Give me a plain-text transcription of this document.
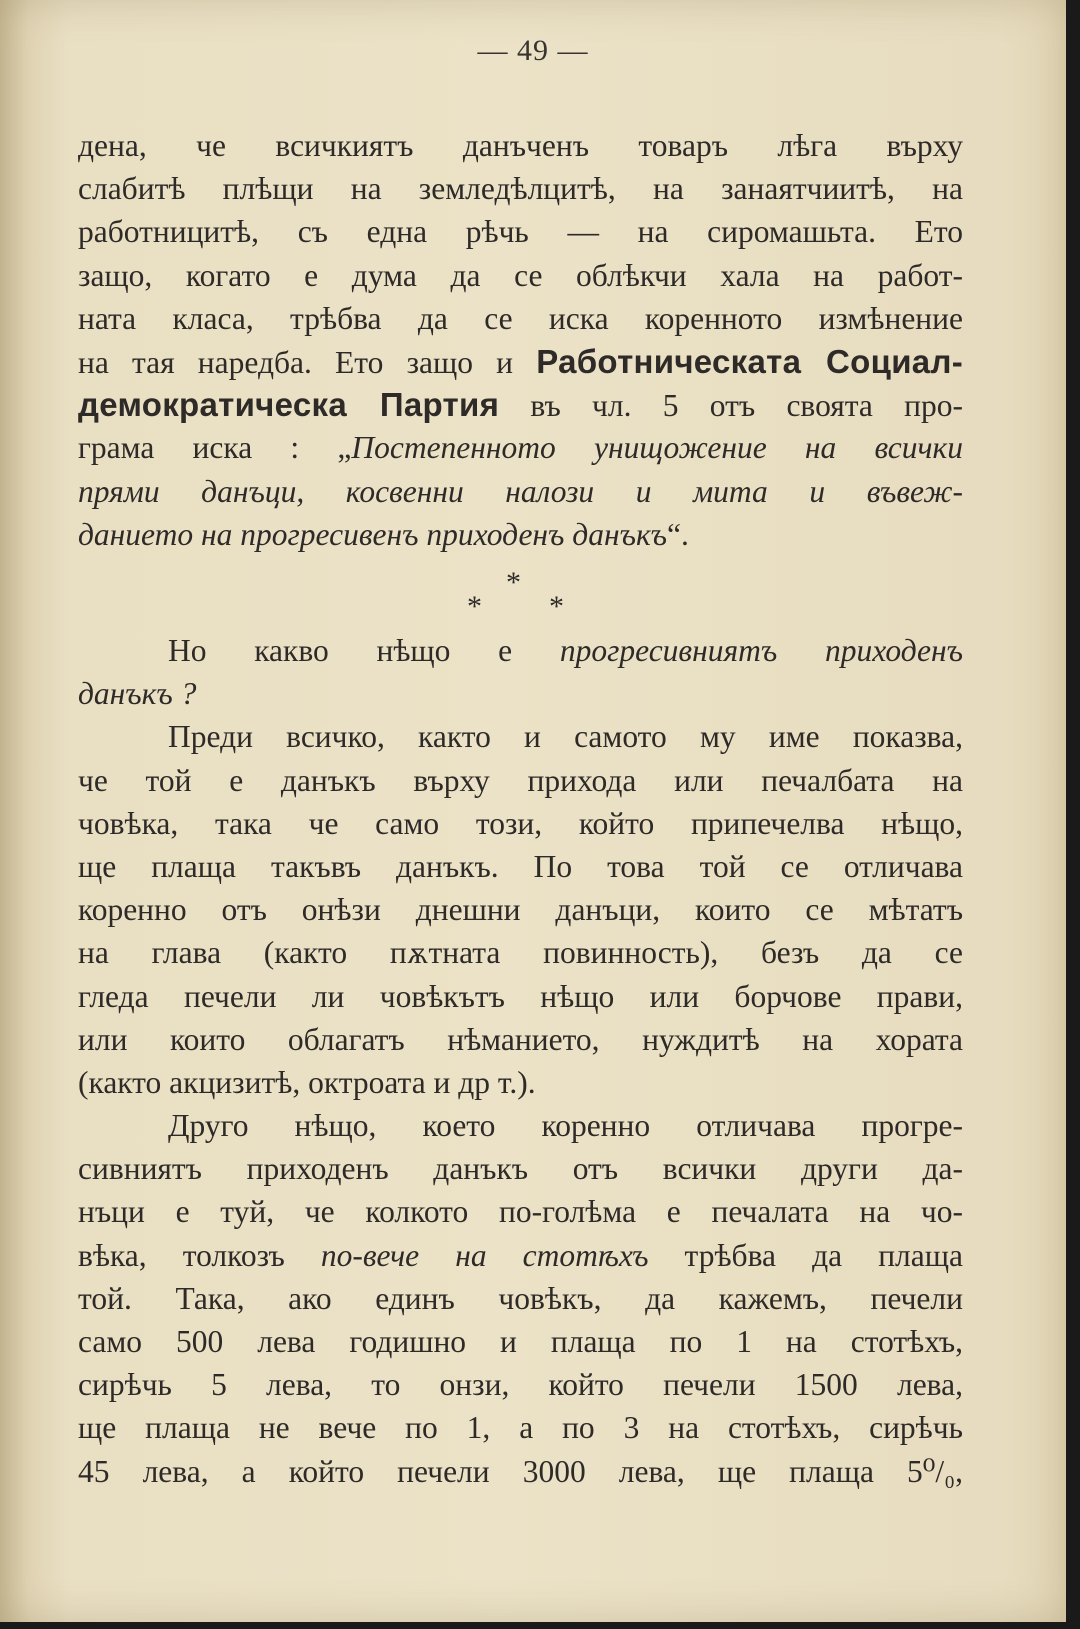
— 49 —
дена, че всичкиятъ данъченъ товаръ лѣга върху
слабитѣ плѣщи на земледѣлцитѣ, на занаятчиитѣ, на
работницитѣ, съ една рѣчь — на сиромашьта. Ето
защо, когато е дума да се облѣкчи хала на работ-
ната класа, трѣбва да се иска коренното измѣнение
на тая наредба. Ето защо и Работническата Социал-
демократическа Партия въ чл. 5 отъ своята про-
грама иска : „Постепенното унищожение на всички
прями данъци, косвенни налози и мита и въвеж-
данието на прогресивенъ приходенъ данъкъ“.
*
* *
Но какво нѣщо е прогресивниятъ приходенъ
данъкъ ?
Преди всичко, както и самото му име показва,
че той е данъкъ върху прихода или печалбата на
човѣка, така че само този, който припечелва нѣщо,
ще плаща такъвъ данъкъ. По това той се отличава
коренно отъ онѣзи днешни данъци, които се мѣтатъ
на глава (както пѫтната повинность), безъ да се
гледа печели ли човѣкътъ нѣщо или борчове прави,
или които облагатъ нѣманието, нуждитѣ на хората
(както акцизитѣ, октроата и др т.).
Друго нѣщо, което коренно отличава прогре-
сивниятъ приходенъ данъкъ отъ всички други да-
нъци е туй, че колкото по-голѣма е печалата на чо-
вѣка, толкозъ по-вече на стотѣхъ трѣбва да плаща
той. Така, ако единъ човѣкъ, да кажемъ, печели
само 500 лева годишно и плаща по 1 на стотѣхъ,
сирѣчь 5 лева, то онзи, който печели 1500 лева,
ще плаща не вече по 1, а по 3 на стотѣхъ, сирѣчь
45 лева, а който печели 3000 лева, ще плаща 5⁰/₀,
